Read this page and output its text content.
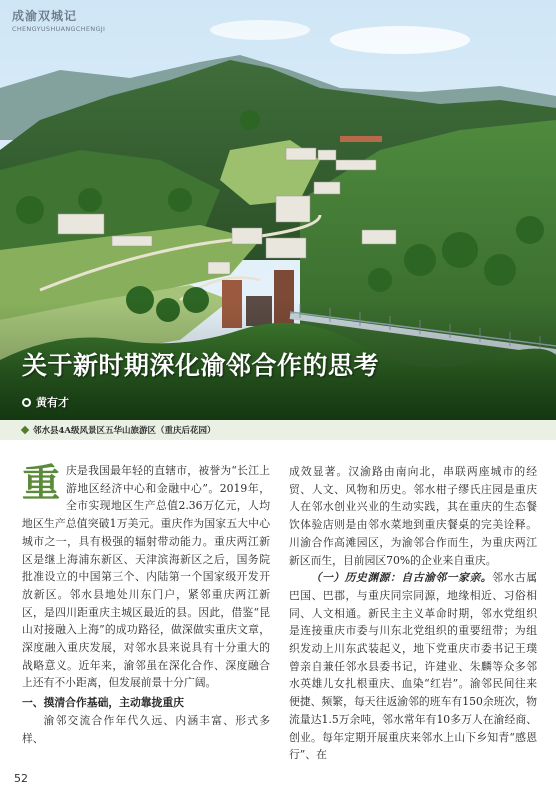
成渝双城记
CHENGYUSHUANGCHENGJI
关于新时期深化渝邻合作的思考
黄有才
邻水县4A级风景区五华山旅游区（重庆后花园）

重庆是我国最年轻的直辖市，被誉为“长江上游地区经济中心和金融中心”。2019年，全市实现地区生产总值2.36万亿元，人均地区生产总值突破1万美元。重庆作为国家五大中心城市之一，具有极强的辐射带动能力。重庆两江新区是继上海浦东新区、天津滨海新区之后，国务院批准设立的中国第三个、内陆第一个国家级开发开放新区。邻水县地处川东门户，紧邻重庆两江新区，是四川距重庆主城区最近的县。因此，借鉴“昆山对接融入上海”的成功路径，做深做实重庆文章，深度融入重庆发展，对邻水县来说具有十分重大的战略意义。近年来，渝邻虽在深化合作、深度融合上还有不小距离，但发展前景十分广阔。

一、摸清合作基础，主动靠拢重庆

渝邻交流合作年代久远、内涵丰富、形式多样、

成效显著。汉渝路由南向北，串联两座城市的经贸、人文、风物和历史。邻水柑子缪氏庄园是重庆人在邻水创业兴业的生动实践，其在重庆的生态餐饮体验店则是由邻水菜地到重庆餐桌的完美诠释。川渝合作高滩园区，为渝邻合作而生，为重庆两江新区而生，目前园区70%的企业来自重庆。

（一）历史渊源：自古渝邻一家亲。邻水古属巴国、巴郡，与重庆同宗同源，地缘相近、习俗相同、人文相通。新民主主义革命时期，邻水党组织是连接重庆市委与川东北党组织的重要纽带；为组织发动上川东武装起义，地下党重庆市委书记王璞曾亲自兼任邻水县委书记，许建业、朱麟等众多邻水英雄儿女扎根重庆、血染“红岩”。渝邻民间往来便捷、频繁，每天往返渝邻的班车有150余班次，物流量达1.5万余吨，邻水常年有10多万人在渝经商、创业。每年定期开展重庆来邻水上山下乡知青“感恩行”、在

52
